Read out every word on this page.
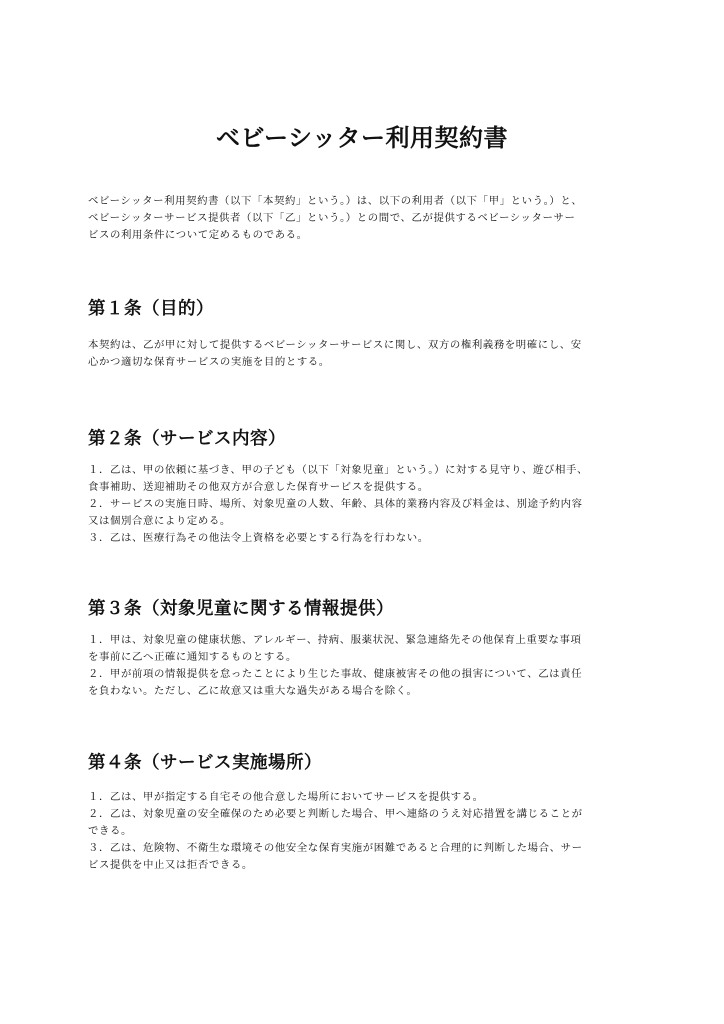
ベビーシッター利用契約書

ベビーシッター利用契約書（以下「本契約」という。）は、以下の利用者（以下「甲」という。）と、
ベビーシッターサービス提供者（以下「乙」という。）との間で、乙が提供するベビーシッターサー
ビスの利用条件について定めるものである。

第１条（目的）
本契約は、乙が甲に対して提供するベビーシッターサービスに関し、双方の権利義務を明確にし、安
心かつ適切な保育サービスの実施を目的とする。
第２条（サービス内容）
１．乙は、甲の依頼に基づき、甲の子ども（以下「対象児童」という。）に対する見守り、遊び相手、
食事補助、送迎補助その他双方が合意した保育サービスを提供する。
２．サービスの実施日時、場所、対象児童の人数、年齢、具体的業務内容及び料金は、別途予約内容
又は個別合意により定める。
３．乙は、医療行為その他法令上資格を必要とする行為を行わない。
第３条（対象児童に関する情報提供）
１．甲は、対象児童の健康状態、アレルギー、持病、服薬状況、緊急連絡先その他保育上重要な事項
を事前に乙へ正確に通知するものとする。
２．甲が前項の情報提供を怠ったことにより生じた事故、健康被害その他の損害について、乙は責任
を負わない。ただし、乙に故意又は重大な過失がある場合を除く。
第４条（サービス実施場所）
１．乙は、甲が指定する自宅その他合意した場所においてサービスを提供する。
２．乙は、対象児童の安全確保のため必要と判断した場合、甲へ連絡のうえ対応措置を講じることが
できる。
３．乙は、危険物、不衛生な環境その他安全な保育実施が困難であると合理的に判断した場合、サー
ビス提供を中止又は拒否できる。
